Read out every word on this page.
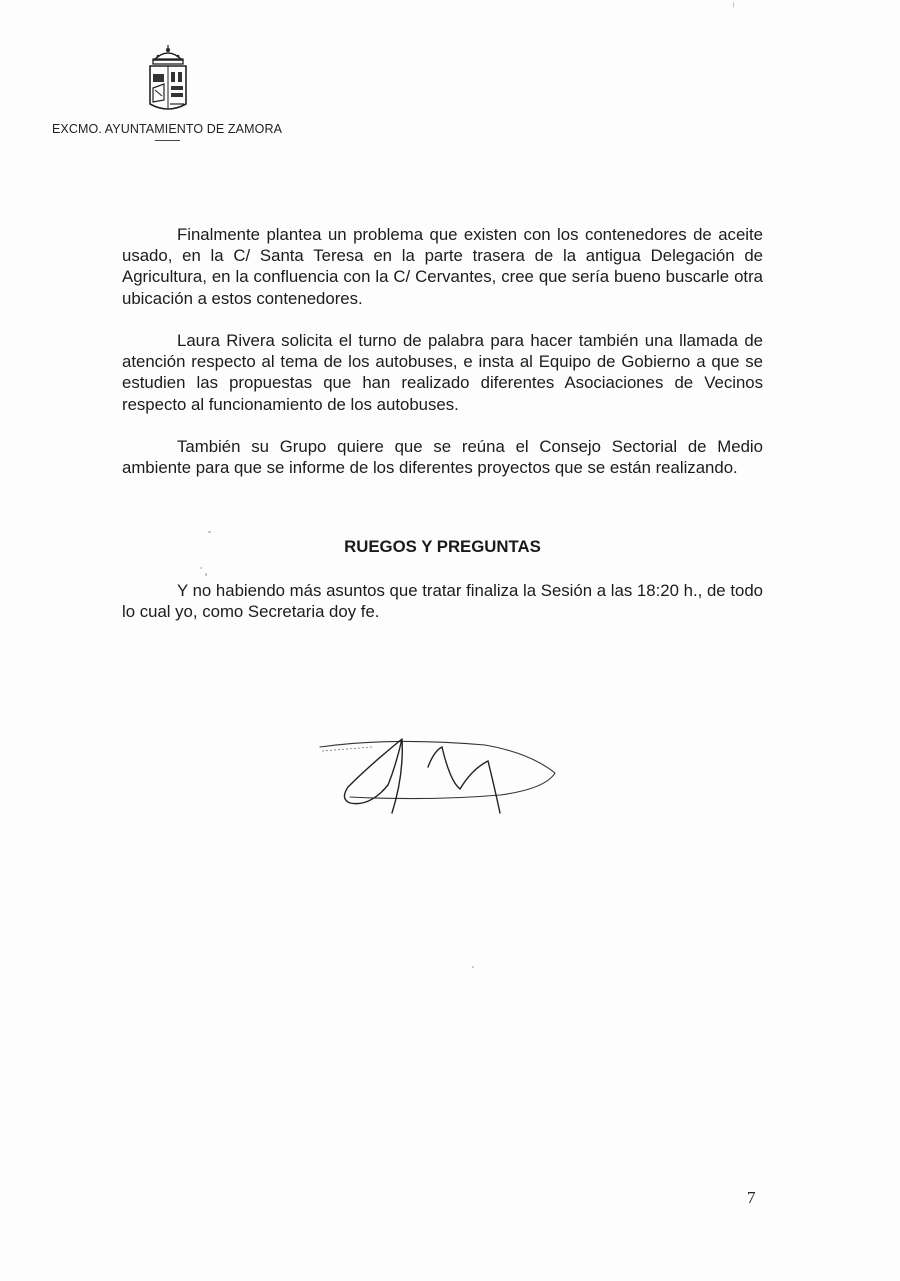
EXCMO. AYUNTAMIENTO DE ZAMORA

Finalmente plantea un problema que existen con los contenedores de aceite usado, en la C/ Santa Teresa en la parte trasera de la antigua Delegación de Agricultura, en la confluencia con la C/ Cervantes, cree que sería bueno buscarle otra ubicación a estos contenedores.

Laura Rivera solicita el turno de palabra para hacer también una llamada de atención respecto al tema de los autobuses, e insta al Equipo de Gobierno a que se estudien las propuestas que han realizado diferentes Asociaciones de Vecinos respecto al funcionamiento de los autobuses.

También su Grupo quiere que se reúna el Consejo Sectorial de Medio ambiente para que se informe de los diferentes proyectos que se están realizando.

RUEGOS Y PREGUNTAS

Y no habiendo más asuntos que tratar finaliza la Sesión a las 18:20 h., de todo lo cual yo, como Secretaria doy fe.

7
